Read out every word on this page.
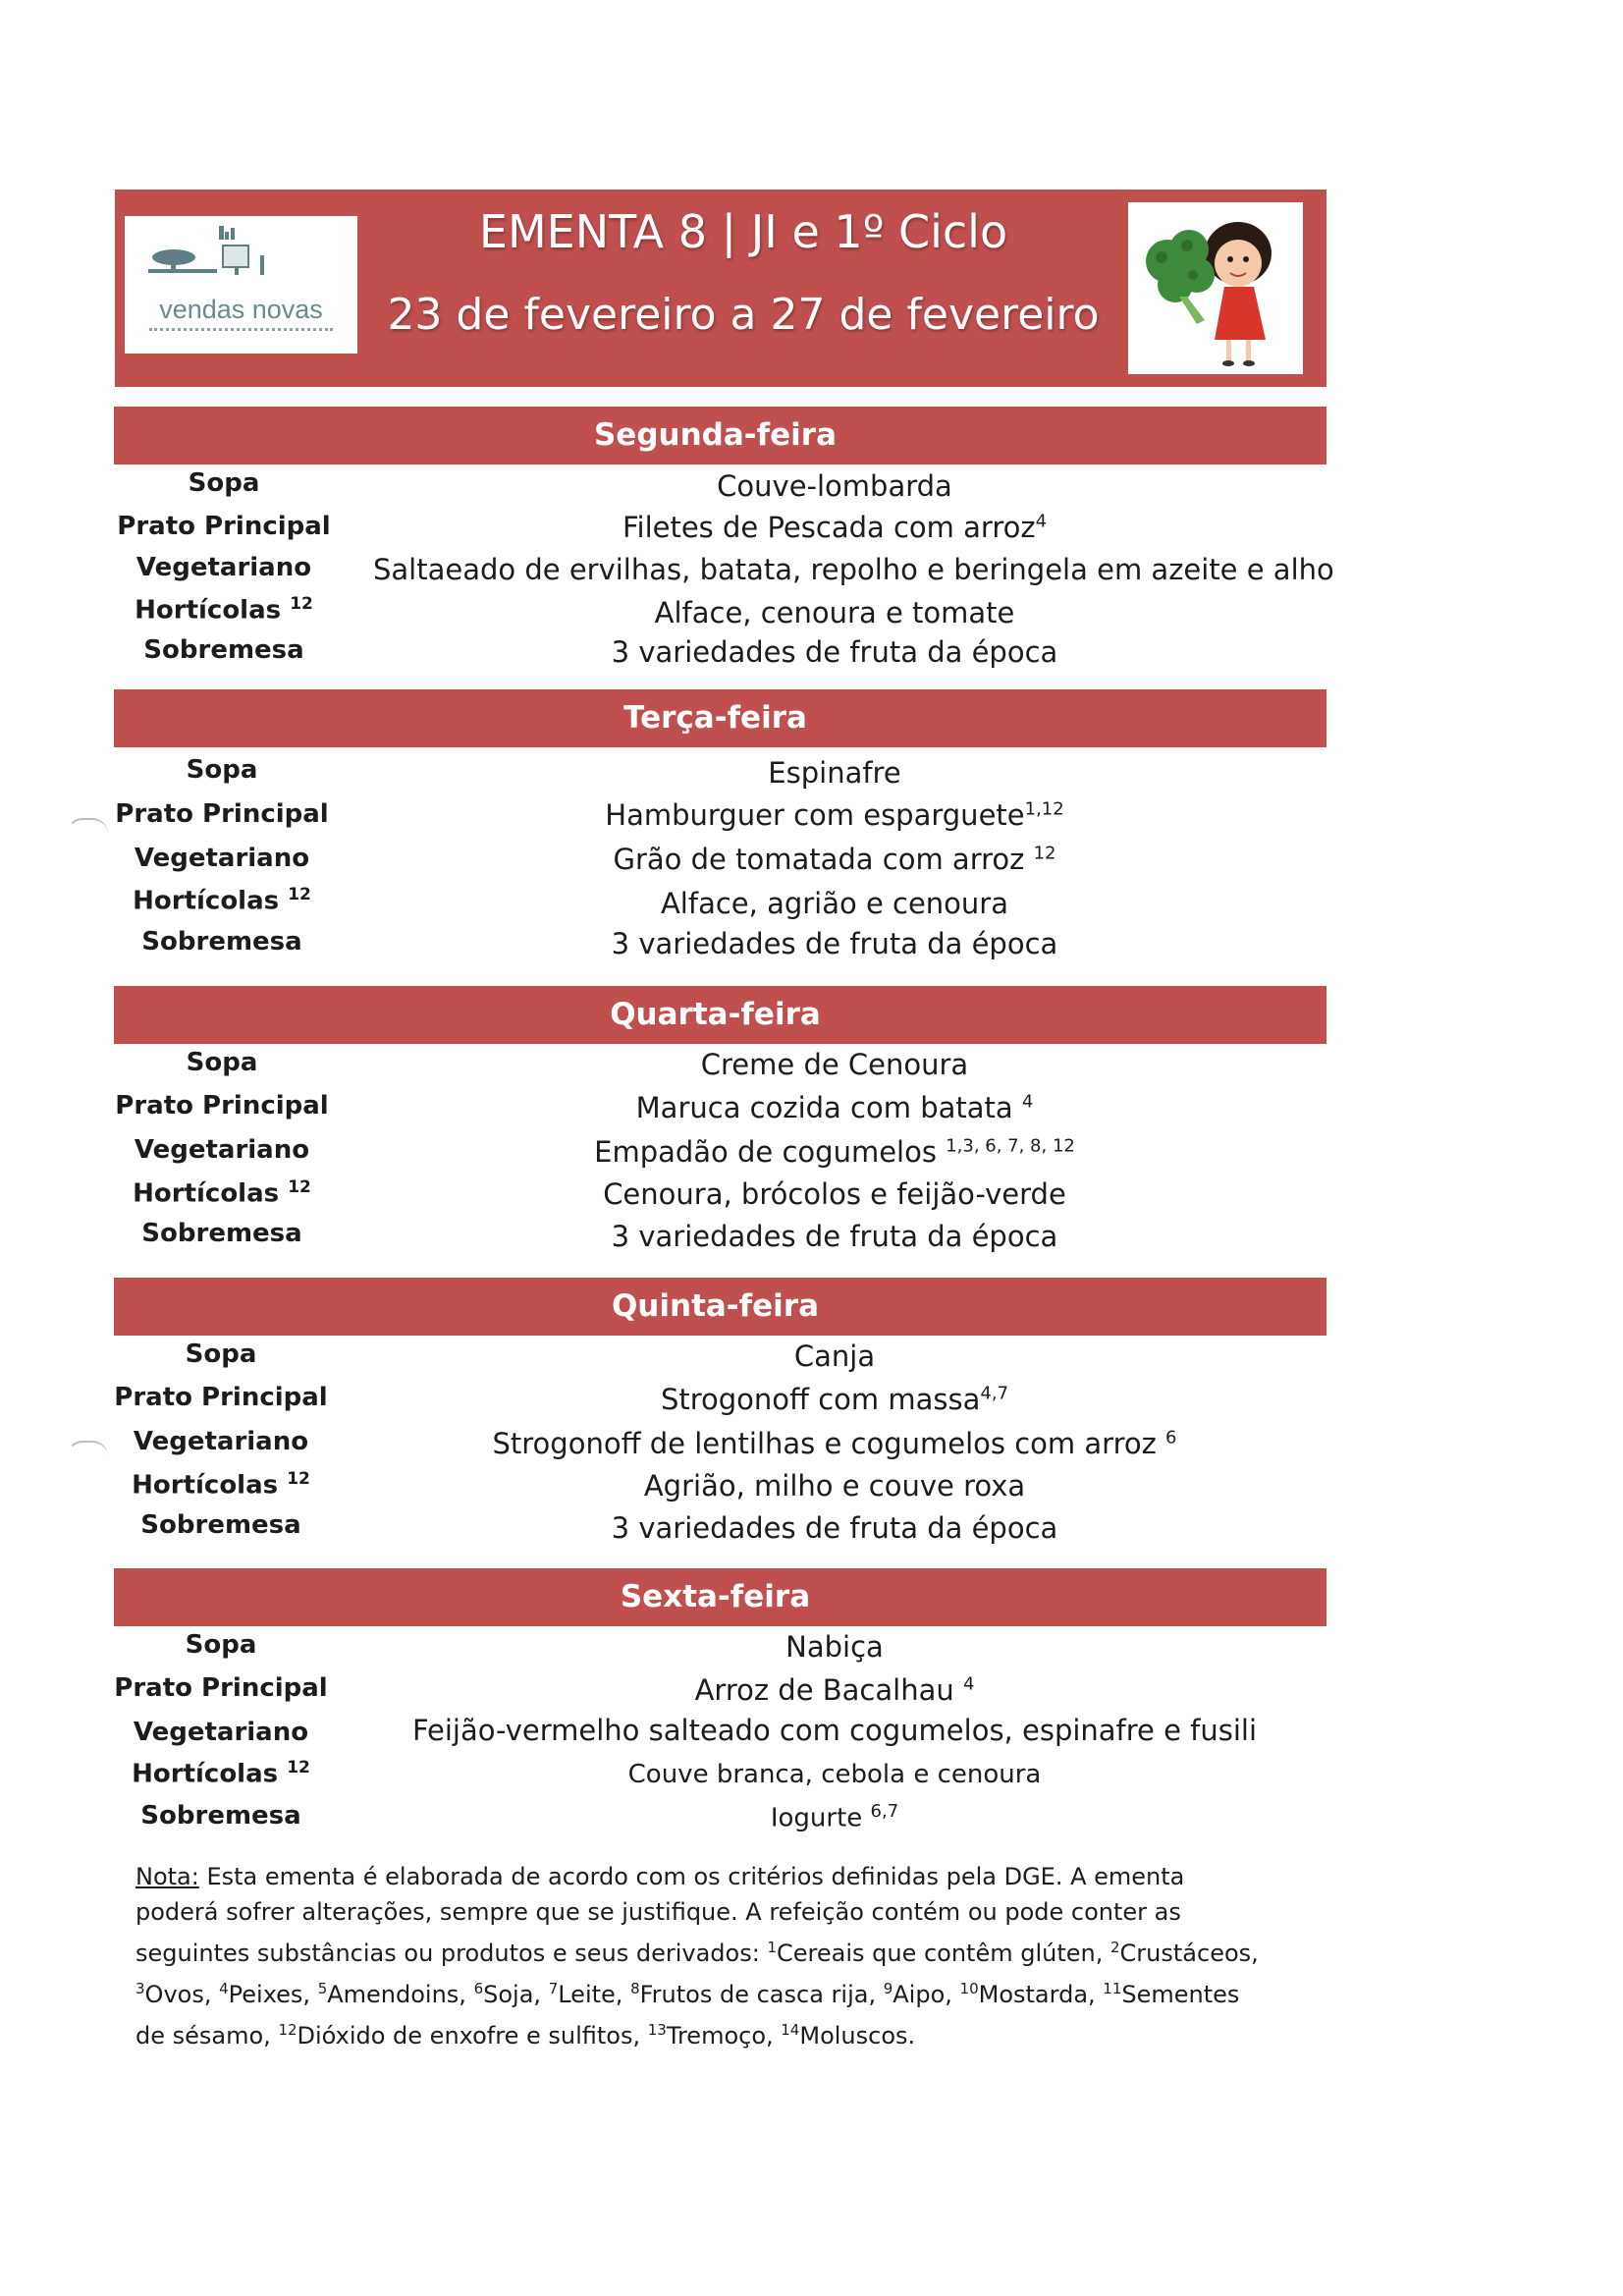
vendas novas
EMENTA 8 | JI e 1º Ciclo
23 de fevereiro a 27 de fevereiro
Segunda-feira
Sopa
Prato Principal
Vegetariano
Hortícolas $^{12}$
Sobremesa
Couve-lombarda
Filetes de Pescada com arroz$^4$
Saltaeado de ervilhas, batata, repolho e beringela em azeite e alho
Alface, cenoura e tomate
3 variedades de fruta da época
Terça-feira
Sopa
Prato Principal
Vegetariano
Hortícolas $^{12}$
Sobremesa
Espinafre
Hamburguer com esparguete$^{1,12}$
Grão de tomatada com arroz $^{12}$
Alface, agrião e cenoura
3 variedades de fruta da época
Quarta-feira
Sopa
Prato Principal
Vegetariano
Hortícolas $^{12}$
Sobremesa
Creme de Cenoura
Maruca cozida com batata $^4$
Empadão de cogumelos $^{1,3, 6, 7, 8, 12}$
Cenoura, brócolos e feijão-verde
3 variedades de fruta da época
Quinta-feira
Sopa
Prato Principal
Vegetariano
Hortícolas $^{12}$
Sobremesa
Canja
Strogonoff com massa$^{4,7}$
Strogonoff de lentilhas e cogumelos com arroz $^6$
Agrião, milho e couve roxa
3 variedades de fruta da época
Sexta-feira
Sopa
Prato Principal
Vegetariano
Hortícolas $^{12}$
Sobremesa
Nabiça
Arroz de Bacalhau $^4$
Feijão-vermelho salteado com cogumelos, espinafre e fusili
Couve branca, cebola e cenoura
Iogurte $^{6,7}$
Nota: Esta ementa é elaborada de acordo com os critérios definidas pela DGE. A ementa poderá sofrer alterações, sempre que se justifique. A refeição contém ou pode conter as seguintes substâncias ou produtos e seus derivados: $^1$Cereais que contêm glúten, $^2$Crustáceos, $^3$Ovos, $^4$Peixes, $^5$Amendoins, $^6$Soja, $^7$Leite, $^8$Frutos de casca rija, $^9$Aipo, $^{10}$Mostarda, $^{11}$Sementes de sésamo, $^{12}$Dióxido de enxofre e sulfitos, $^{13}$Tremoço, $^{14}$Moluscos.
